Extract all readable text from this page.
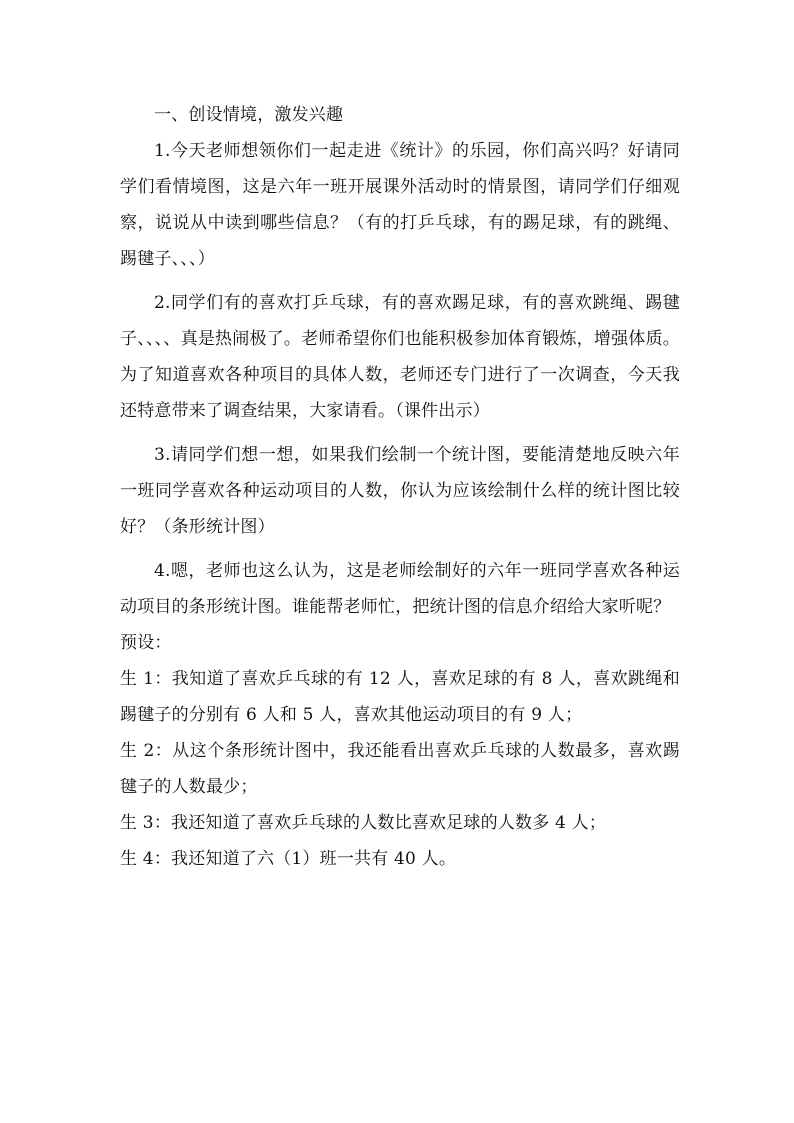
一、创设情境，激发兴趣

1.今天老师想领你们一起走进《统计》的乐园，你们高兴吗？好请同学们看情境图，这是六年一班开展课外活动时的情景图，请同学们仔细观察，说说从中读到哪些信息？（有的打乒乓球，有的踢足球，有的跳绳、踢毽子、、、）

2.同学们有的喜欢打乒乓球，有的喜欢踢足球，有的喜欢跳绳、踢毽子、、、、真是热闹极了。老师希望你们也能积极参加体育锻炼，增强体质。为了知道喜欢各种项目的具体人数，老师还专门进行了一次调查，今天我还特意带来了调查结果，大家请看。（课件出示）

3.请同学们想一想，如果我们绘制一个统计图，要能清楚地反映六年一班同学喜欢各种运动项目的人数，你认为应该绘制什么样的统计图比较好？（条形统计图）

4.嗯，老师也这么认为，这是老师绘制好的六年一班同学喜欢各种运动项目的条形统计图。谁能帮老师忙，把统计图的信息介绍给大家听呢？

预设：

生 1：我知道了喜欢乒乓球的有 12 人，喜欢足球的有 8 人，喜欢跳绳和踢毽子的分别有 6 人和 5 人，喜欢其他运动项目的有 9 人；

生 2：从这个条形统计图中，我还能看出喜欢乒乓球的人数最多，喜欢踢毽子的人数最少；

生 3：我还知道了喜欢乒乓球的人数比喜欢足球的人数多 4 人；

生 4：我还知道了六（1）班一共有 40 人。
